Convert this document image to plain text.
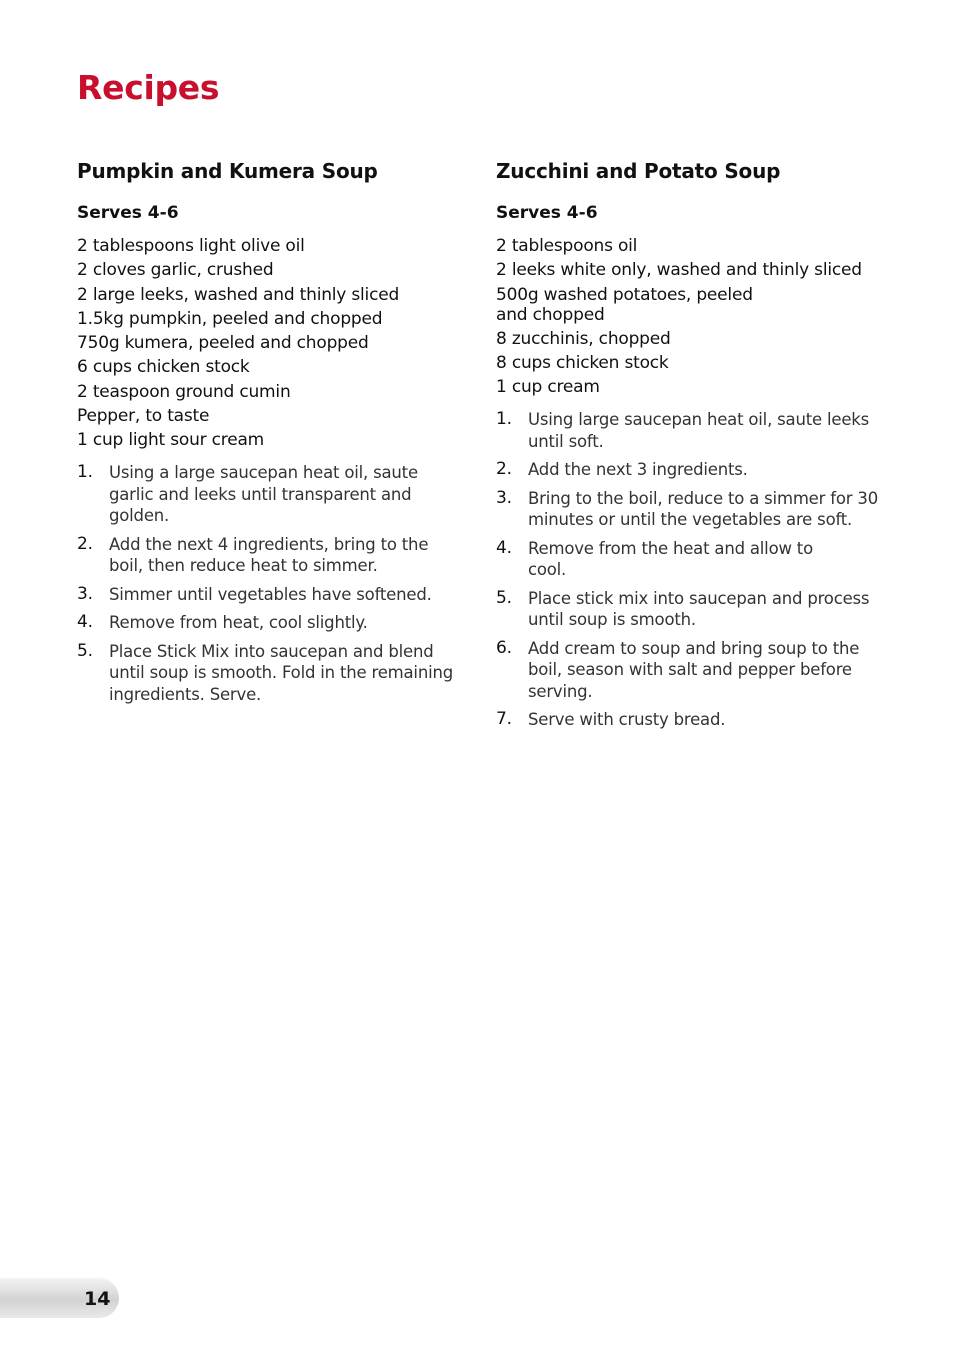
Recipes
Pumpkin and Kumera Soup
Serves 4-6
2 tablespoons light olive oil
2 cloves garlic, crushed
2 large leeks, washed and thinly sliced
1.5kg pumpkin, peeled and chopped
750g kumera, peeled and chopped
6 cups chicken stock
2 teaspoon ground cumin
Pepper, to taste
1 cup light sour cream
1. Using a large saucepan heat oil, saute garlic and leeks until transparent and golden.
2. Add the next 4 ingredients, bring to the boil, then reduce heat to simmer.
3. Simmer until vegetables have softened.
4. Remove from heat, cool slightly.
5. Place Stick Mix into saucepan and blend until soup is smooth. Fold in the remaining ingredients. Serve.
Zucchini and Potato Soup
Serves 4-6
2 tablespoons oil
2 leeks white only, washed and thinly sliced
500g washed potatoes, peeled and chopped
8 zucchinis, chopped
8 cups chicken stock
1 cup cream
1. Using large saucepan heat oil, saute leeks until soft.
2. Add the next 3 ingredients.
3. Bring to the boil, reduce to a simmer for 30 minutes or until the vegetables are soft.
4. Remove from the heat and allow to cool.
5. Place stick mix into saucepan and process until soup is smooth.
6. Add cream to soup and bring soup to the boil, season with salt and pepper before serving.
7. Serve with crusty bread.
14
